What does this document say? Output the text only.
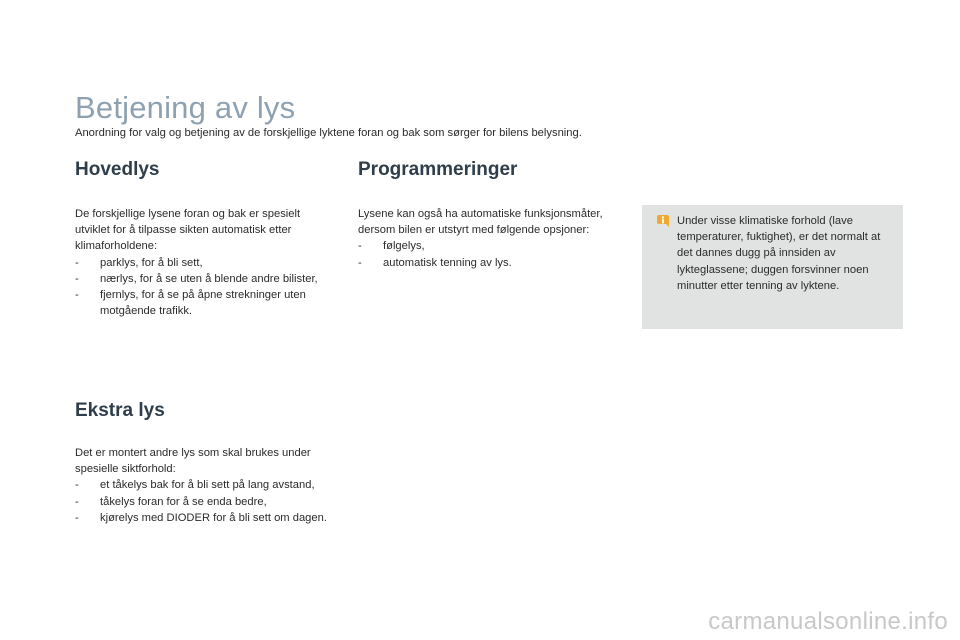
Betjening av lys

Anordning for valg og betjening av de forskjellige lyktene foran og bak som sørger for bilens belysning.

Hovedlys

De forskjellige lysene foran og bak er spesielt utviklet for å tilpasse sikten automatisk etter klimaforholdene:

- parklys, for å bli sett,
- nærlys, for å se uten å blende andre bilister,
- fjernlys, for å se på åpne strekninger uten motgående trafikk.
Ekstra lys

Det er montert andre lys som skal brukes under spesielle siktforhold:

- et tåkelys bak for å bli sett på lang avstand,
- tåkelys foran for å se enda bedre,
- kjørelys med DIODER for å bli sett om dagen.
Programmeringer

Lysene kan også ha automatiske funksjonsmåter, dersom bilen er utstyrt med følgende opsjoner:

- følgelys,
- automatisk tenning av lys.

Under visse klimatiske forhold (lave temperaturer, fuktighet), er det normalt at det dannes dugg på innsiden av lykteglassene; duggen forsvinner noen minutter etter tenning av lyktene.

carmanualsonline.info
